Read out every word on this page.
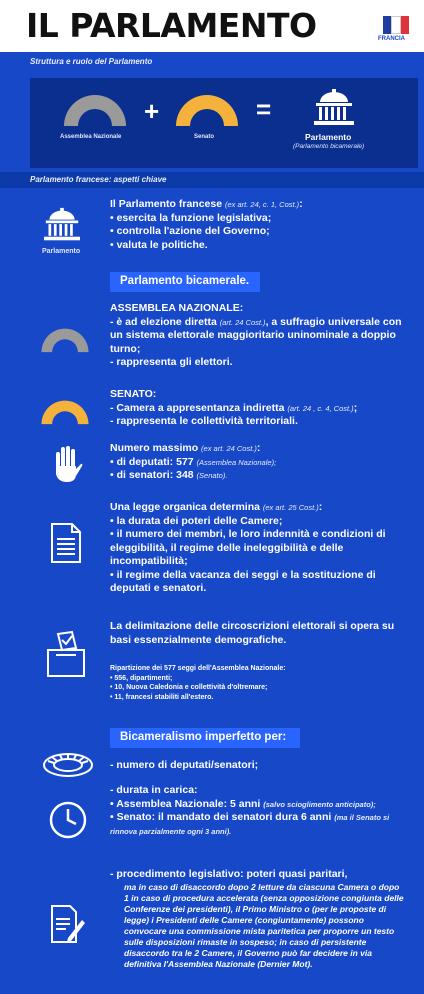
IL PARLAMENTO	FRANCIA
Struttura e ruolo del Parlamento
Assemblea Nazionale
+
Senato
=
Parlamento
(Parlamento bicamerale)
Parlamento francese: aspetti chiave
Parlamento
Il Parlamento francese (ex art. 24, c. 1, Cost.):
• esercita la funzione legislativa;
• controlla l'azione del Governo;
• valuta le politiche.
Parlamento bicamerale.
ASSEMBLEA NAZIONALE:
- è ad elezione diretta (art. 24 Cost.), a suffragio universale con un sistema elettorale maggioritario uninominale a doppio turno;
- rappresenta gli elettori.
SENATO:
- Camera a appresentanza indiretta (art. 24 , c. 4, Cost.);
- rappresenta le collettività territoriali.
Numero massimo (ex art. 24 Cost.):
• di deputati: 577 (Assemblea Nazionale);
• di senatori: 348 (Senato).
Una legge organica determina (ex art. 25 Cost.):
• la durata dei poteri delle Camere;
• il numero dei membri, le loro indennità e condizioni di eleggibilità, il regime delle ineleggibilità e delle incompatibilità;
• il regime della vacanza dei seggi e la sostituzione di deputati e senatori.
La delimitazione delle circoscrizioni elettorali si opera su basi essenzialmente demografiche.
Ripartizione dei 577 seggi dell'Assemblea Nazionale:
• 556, dipartimenti;
• 10, Nuova Caledonia e collettività d'oltremare;
• 11, francesi stabiliti all'estero.
Bicameralismo imperfetto per:
- numero di deputati/senatori;
- durata in carica:
• Assemblea Nazionale: 5 anni (salvo scioglimento anticipato);
• Senato: il mandato dei senatori dura 6 anni (ma il Senato si rinnova parzialmente ogni 3 anni).
- procedimento legislativo: poteri quasi paritari,
ma in caso di disaccordo dopo 2 letture da ciascuna Camera o dopo 1 in caso di procedura accelerata (senza opposizione congiunta delle Conferenze dei presidenti), il Primo Ministro o (per le proposte di legge) i Presidenti delle Camere (congiuntamente) possono convocare una commissione mista paritetica per proporre un testo sulle disposizioni rimaste in sospeso; in caso di persistente disaccordo tra le 2 Camere, il Governo può far decidere in via definitiva l'Assemblea Nazionale (Dernier Mot).
